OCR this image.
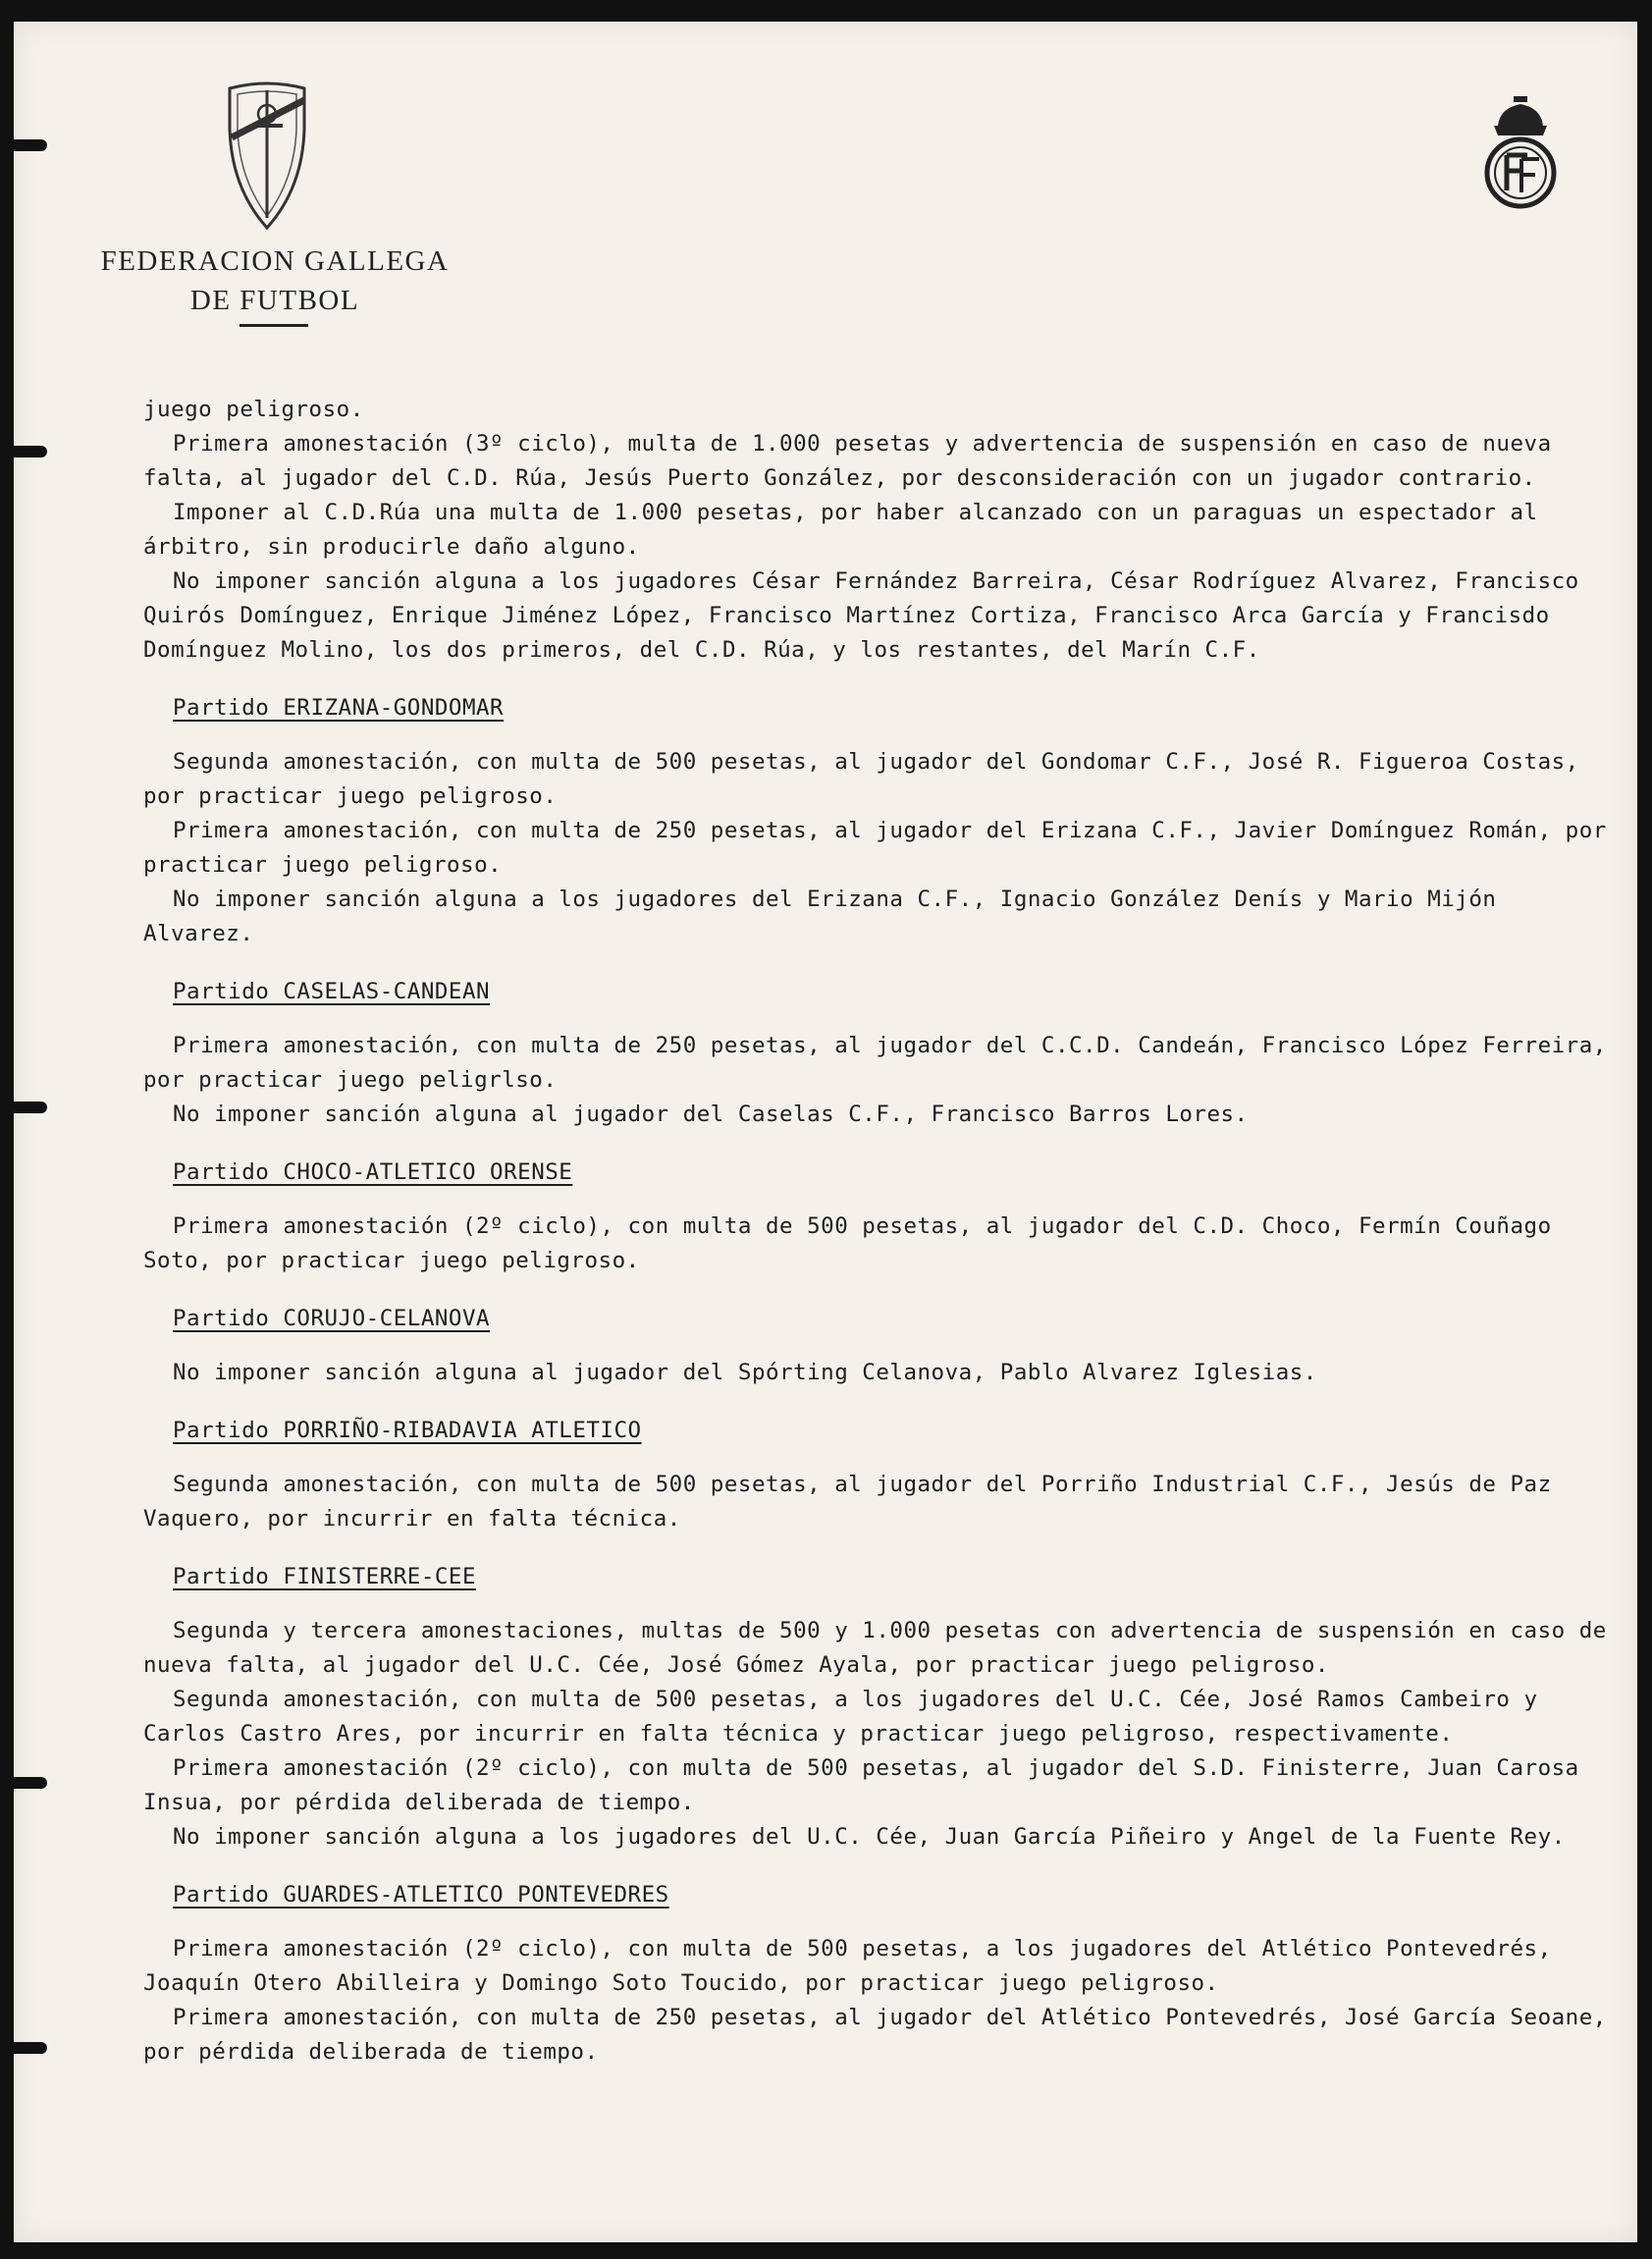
FEDERACION GALLEGA
DE FUTBOL

juego peligroso.

Primera amonestación (3º ciclo), multa de 1.000 pesetas y advertencia de suspensión en caso de nueva falta, al jugador del C.D. Rúa, Jesús Puerto González, por desconsideración con un jugador contrario.

Imponer al C.D.Rúa una multa de 1.000 pesetas, por haber alcanzado con un paraguas un espectador al árbitro, sin producirle daño alguno.

No imponer sanción alguna a los jugadores César Fernández Barreira, César Rodríguez Alvarez, Francisco Quirós Domínguez, Enrique Jiménez López, Francisco Martínez Cortiza, Francisco Arca García y Francisdo Domínguez Molino, los dos primeros, del C.D. Rúa, y los restantes, del Marín C.F.

Partido ERIZANA-GONDOMAR

Segunda amonestación, con multa de 500 pesetas, al jugador del Gondomar C.F., José R. Figueroa Costas, por practicar juego peligroso.

Primera amonestación, con multa de 250 pesetas, al jugador del Erizana C.F., Javier Domínguez Román, por practicar juego peligroso.

No imponer sanción alguna a los jugadores del Erizana C.F., Ignacio González Denís y Mario Mijón Alvarez.

Partido CASELAS-CANDEAN

Primera amonestación, con multa de 250 pesetas, al jugador del C.C.D. Candeán, Francisco López Ferreira, por practicar juego peligrlso.

No imponer sanción alguna al jugador del Caselas C.F., Francisco Barros Lores.

Partido CHOCO-ATLETICO ORENSE

Primera amonestación (2º ciclo), con multa de 500 pesetas, al jugador del C.D. Choco, Fermín Couñago Soto, por practicar juego peligroso.

Partido CORUJO-CELANOVA

No imponer sanción alguna al jugador del Spórting Celanova, Pablo Alvarez Iglesias.

Partido PORRIÑO-RIBADAVIA ATLETICO

Segunda amonestación, con multa de 500 pesetas, al jugador del Porriño Industrial C.F., Jesús de Paz Vaquero, por incurrir en falta técnica.

Partido FINISTERRE-CEE

Segunda y tercera amonestaciones, multas de 500 y 1.000 pesetas con advertencia de suspensión en caso de nueva falta, al jugador del U.C. Cée, José Gómez Ayala, por practicar juego peligroso.

Segunda amonestación, con multa de 500 pesetas, a los jugadores del U.C. Cée, José Ramos Cambeiro y Carlos Castro Ares, por incurrir en falta técnica y practicar juego peligroso, respectivamente.

Primera amonestación (2º ciclo), con multa de 500 pesetas, al jugador del S.D. Finisterre, Juan Carosa Insua, por pérdida deliberada de tiempo.

No imponer sanción alguna a los jugadores del U.C. Cée, Juan García Piñeiro y Angel de la Fuente Rey.

Partido GUARDES-ATLETICO PONTEVEDRES

Primera amonestación (2º ciclo), con multa de 500 pesetas, a los jugadores del Atlético Pontevedrés, Joaquín Otero Abilleira y Domingo Soto Toucido, por practicar juego peligroso.

Primera amonestación, con multa de 250 pesetas, al jugador del Atlético Pontevedrés, José García Seoane, por pérdida deliberada de tiempo.
